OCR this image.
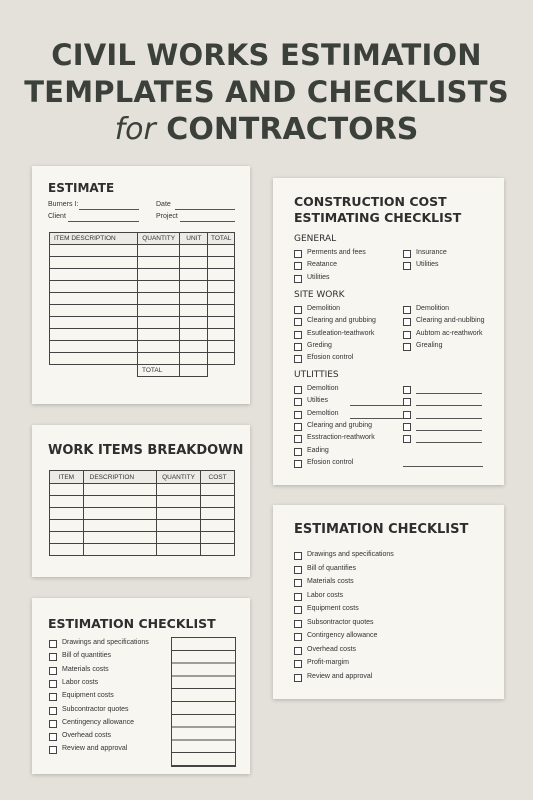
CIVIL WORKS ESTIMATION
TEMPLATES AND CHECKLISTS
for CONTRACTORS
ESTIMATE
Burners I:	Date
Client	Project
ITEM DESCRIPTION	QUANTITY	UNIT	TOTAL

	TOTAL		
WORK ITEMS BREAKDOWN
ITEM	DESCRIPTION	QUANTITY	COST

ESTIMATION CHECKLIST
Drawings and specifications
Bill of quantities
Materials costs
Labor costs
Equipment costs
Subcontractor quotes
Centingency allowance
Overhead costs
Review and approval
CONSTRUCTION COST
ESTIMATING CHECKLIST
GENERAL
SITE WORK
UTLITTIES
Perments and fees
Reatance
Utilities
Insurance
Utilities
Demolition
Clearing and grubbing
Esutleation-teathwork
Greding
Efosion control
Demolition
Clearing and-nublbing
Aubtom ac-reathwork
Grealing
Demoltion
Utilties
Demoltion
Clearing and grubing
Esstraction-reathwork
Eading
Efosion control
ESTIMATION CHECKLIST
Drawings and specifications
Bill of quantifies
Materials costs
Labor costs
Equipment costs
Subsontractor quotes
Contirgency allowance
Overhead costs
Profit-margim
Review and approval
